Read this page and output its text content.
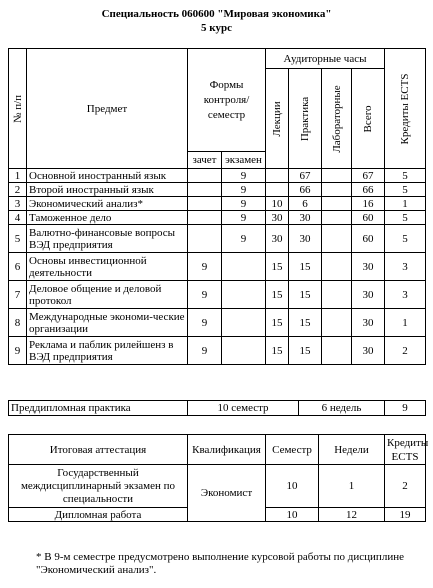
Специальность 060600 "Мировая экономика"
5 курс
№ п/п	Предмет	Формы контроля/ семестр		Аудиторные часы				Кредиты ECTS

				Лекции	Практика	Лабораторные	Всего	

		зачет	экзамен					
1	Основной иностранный язык		9		67		67	5
2	Второй иностранный язык		9		66		66	5
3	Экономический анализ*		9	10	6		16	1
4	Таможенное дело		9	30	30		60	5
5	Валютно-финансовые вопросы ВЭД предприятия		9	30	30		60	5
6	Основы инвестиционной деятельности	9		15	15		30	3
7	Деловое общение и деловой протокол	9		15	15		30	3
8	Международные экономи-ческие организации	9		15	15		30	1
9	Реклама и паблик рилейшенз в ВЭД предприятия	9		15	15		30	2
Преддипломная практика	10 семестр	6 недель	9
Итоговая аттестация	Квалификация	Семестр	Недели	Кредиты ECTS
Государственный междисциплинарный экзамен по специальности	Экономист	10	1	2
Дипломная работа		10	12	19
* В 9-м семестре предусмотрено выполнение курсовой работы по дисциплине "Экономический анализ".
